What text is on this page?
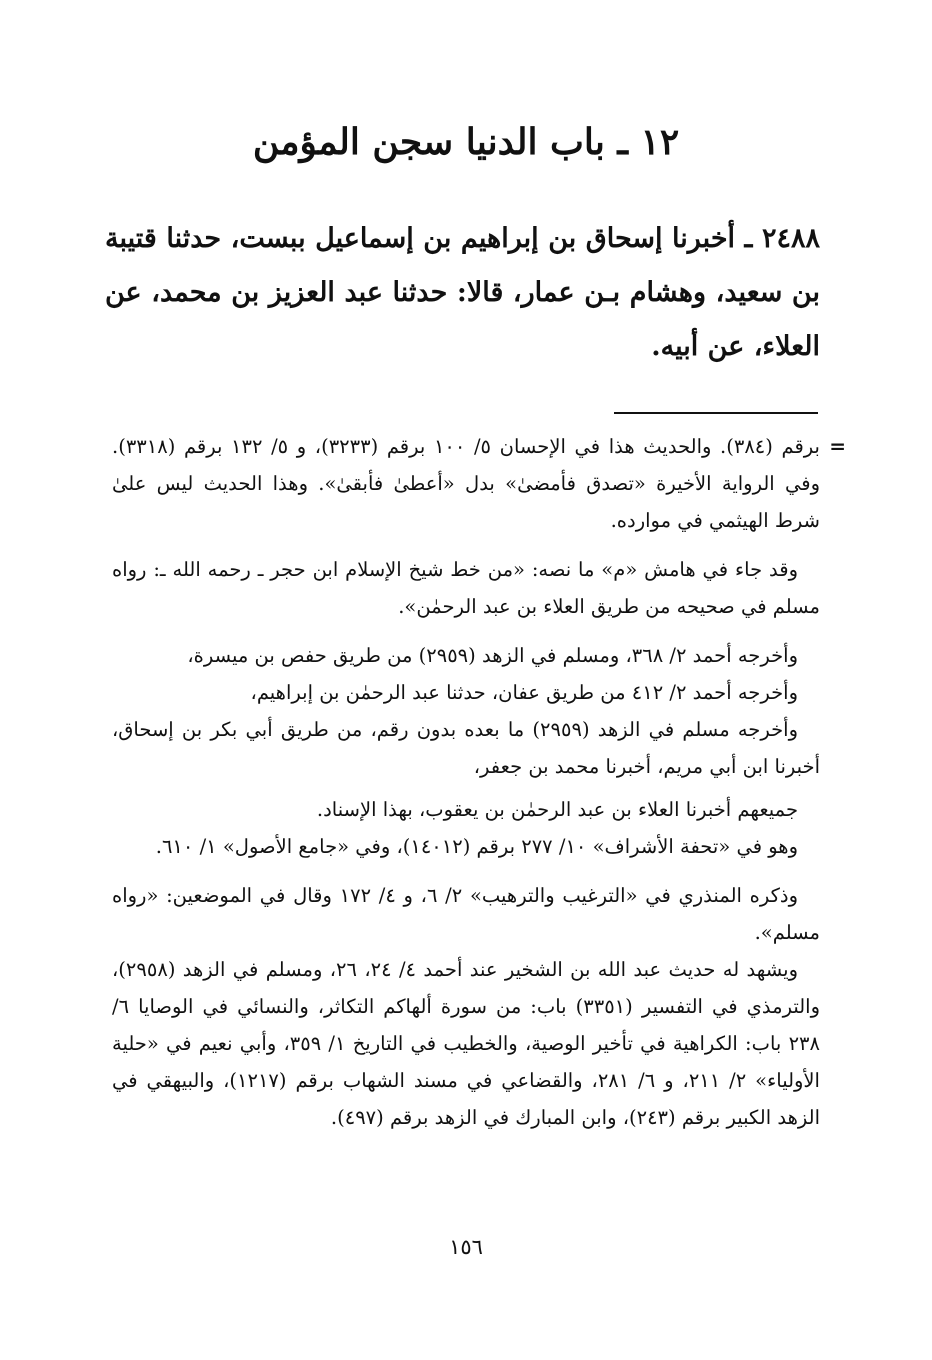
١٢ ـ باب الدنيا سجن المؤمن

٢٤٨٨ ـ أخبرنا إسحاق بن إبراهيم بن إسماعيل ببست، حدثنا قتيبة بن سعيد، وهشام بـن عمار، قالا: حدثنا عبد العزيز بن محمد، عن العلاء، عن أبيه.

=
برقم (٣٨٤). والحديث هذا في الإحسان ٥/ ١٠٠ برقم (٣٢٣٣)، و ٥/ ١٣٢ برقم (٣٣١٨). وفي الرواية الأخيرة «تصدق فأمضىٰ» بدل «أعطىٰ فأبقىٰ». وهذا الحديث ليس علىٰ شرط الهيثمي في موارده.

وقد جاء في هامش «م» ما نصه: «من خط شيخ الإسلام ابن حجر ـ رحمه الله ـ: رواه مسلم في صحيحه من طريق العلاء بن عبد الرحمٰن».

وأخرجه أحمد ٢/ ٣٦٨، ومسلم في الزهد (٢٩٥٩) من طريق حفص بن ميسرة،

وأخرجه أحمد ٢/ ٤١٢ من طريق عفان، حدثنا عبد الرحمٰن بن إبراهيم،

وأخرجه مسلم في الزهد (٢٩٥٩) ما بعده بدون رقم، من طريق أبي بكر بن إسحاق، أخبرنا ابن أبي مريم، أخبرنا محمد بن جعفر،

جميعهم أخبرنا العلاء بن عبد الرحمٰن بن يعقوب، بهذا الإسناد.

وهو في «تحفة الأشراف» ١٠/ ٢٧٧ برقم (١٤٠١٢)، وفي «جامع الأصول» ١/ ٦١٠.

وذكره المنذري في «الترغيب والترهيب» ٢/ ٦، و ٤/ ١٧٢ وقال في الموضعين: «رواه مسلم».

ويشهد له حديث عبد الله بن الشخير عند أحمد ٤/ ٢٤، ٢٦، ومسلم في الزهد (٢٩٥٨)، والترمذي في التفسير (٣٣٥١) باب: من سورة ألهاكم التكاثر، والنسائي في الوصايا ٦/ ٢٣٨ باب: الكراهية في تأخير الوصية، والخطيب في التاريخ ١/ ٣٥٩، وأبي نعيم في «حلية الأولياء» ٢/ ٢١١، و ٦/ ٢٨١، والقضاعي في مسند الشهاب برقم (١٢١٧)، والبيهقي في الزهد الكبير برقم (٢٤٣)، وابن المبارك في الزهد برقم (٤٩٧).

١٥٦
